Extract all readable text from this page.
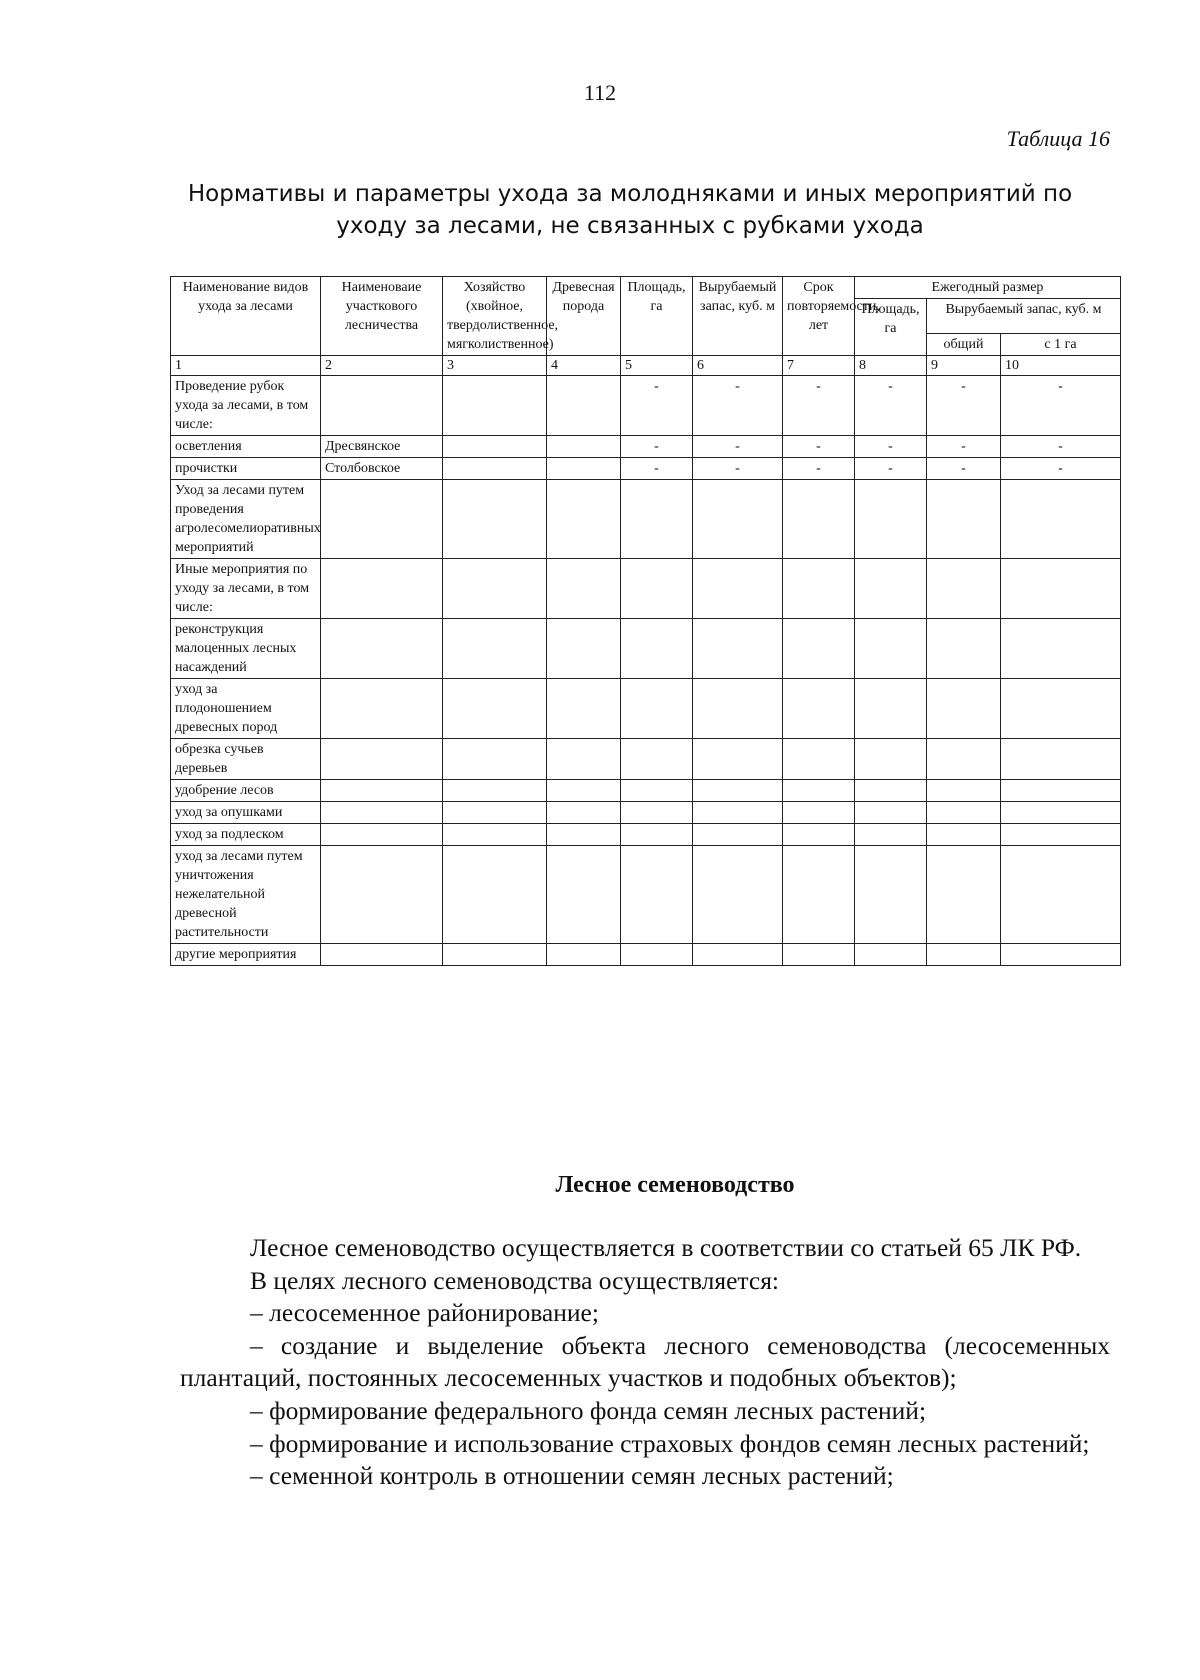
112
Таблица 16
Нормативы и параметры ухода за молодняками и иных мероприятий по
уходу за лесами, не связанных с рубками ухода
Наименование видов ухода за лесами	Наименоваие участкового лесничества	Хозяйство (хвойное, твердолиственное, мягколиственное)	Древесная порода	Площадь, га	Вырубаемый запас, куб. м	Срок повторяемости, лет	Ежегодный размер		
							Площадь, га	Вырубаемый запас, куб. м	
								общий	с 1 га
1	2	3	4	5	6	7	8	9	10
Проведение рубок ухода за лесами, в том числе:				-	-	-	-	-	-
осветления	Дресвянское			-	-	-	-	-	-
прочистки	Столбовское			-	-	-	-	-	-
Уход за лесами путем проведения агролесомелиоративных мероприятий									
Иные мероприятия по уходу за лесами, в том числе:									
реконструкция малоценных лесных насаждений									
уход за плодоношением древесных пород									
обрезка сучьев деревьев									
удобрение лесов									
уход за опушками									
уход за подлеском									
уход за лесами путем уничтожения нежелательной древесной растительности									
другие мероприятия									
Лесное семеноводство

Лесное семеноводство осуществляется в соответствии со статьей 65 ЛК РФ.

В целях лесного семеноводства осуществляется:

– лесосеменное районирование;

– создание и выделение объекта лесного семеноводства (лесосеменных плантаций, постоянных лесосеменных участков и подобных объектов);

– формирование федерального фонда семян лесных растений;

– формирование и использование страховых фондов семян лесных растений;

– семенной контроль в отношении семян лесных растений;
